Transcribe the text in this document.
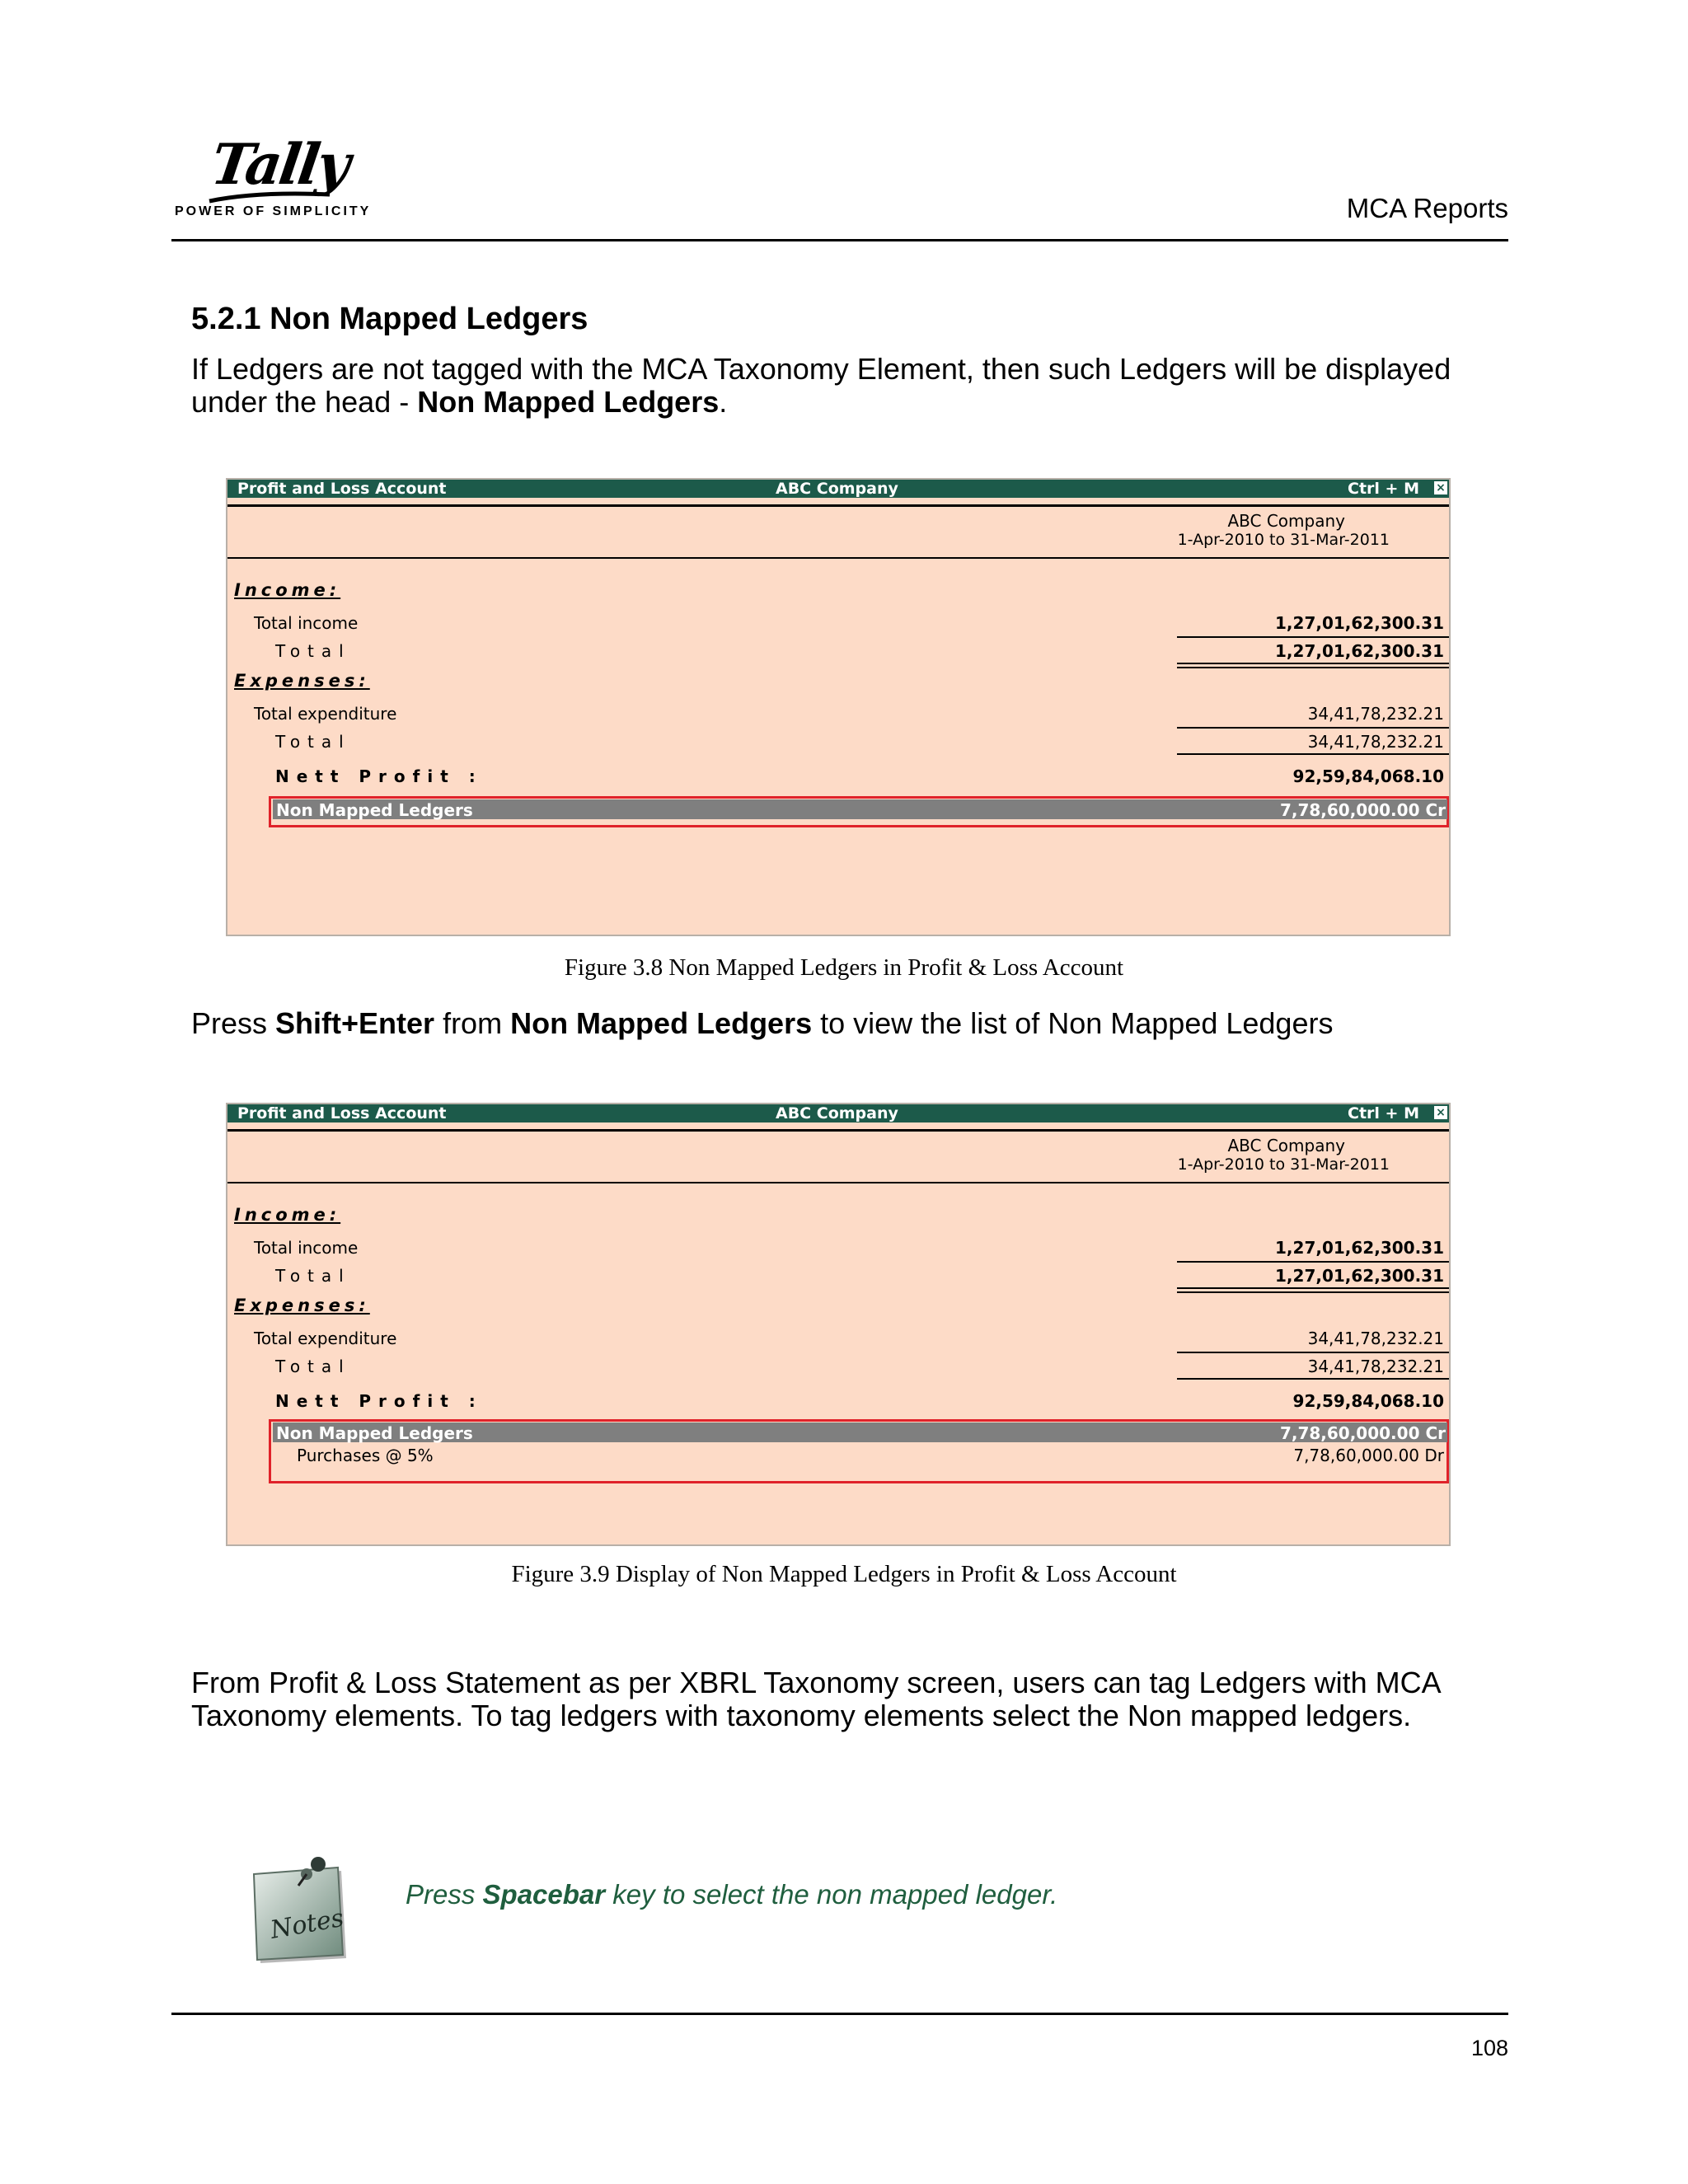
Tally
POWER OF SIMPLICITY	MCA Reports
5.2.1 Non Mapped Ledgers
If Ledgers are not tagged with the MCA Taxonomy Element, then such Ledgers will be displayed under the head - Non Mapped Ledgers.
Profit and Loss Account	ABC Company	Ctrl + M ×
ABC Company
1-Apr-2010 to 31-Mar-2011
Income:
Total income	1,27,01,62,300.31
Total	1,27,01,62,300.31
Expenses:
Total expenditure	34,41,78,232.21
Total	34,41,78,232.21
Nett Profit :	92,59,84,068.10
Non Mapped Ledgers	7,78,60,000.00 Cr
Figure 3.8 Non Mapped Ledgers in Profit & Loss Account
Press Shift+Enter from Non Mapped Ledgers to view the list of Non Mapped Ledgers
Profit and Loss Account	ABC Company	Ctrl + M ×
ABC Company
1-Apr-2010 to 31-Mar-2011
Income:
Total income	1,27,01,62,300.31
Total	1,27,01,62,300.31
Expenses:
Total expenditure	34,41,78,232.21
Total	34,41,78,232.21
Nett Profit :	92,59,84,068.10
Non Mapped Ledgers	7,78,60,000.00 Cr
Purchases @ 5%	7,78,60,000.00 Dr
Figure 3.9 Display of Non Mapped Ledgers in Profit & Loss Account
From Profit & Loss Statement as per XBRL Taxonomy screen, users can tag Ledgers with MCA Taxonomy elements. To tag ledgers with taxonomy elements select the Non mapped ledgers.
Notes
Press Spacebar key to select the non mapped ledger.
108
